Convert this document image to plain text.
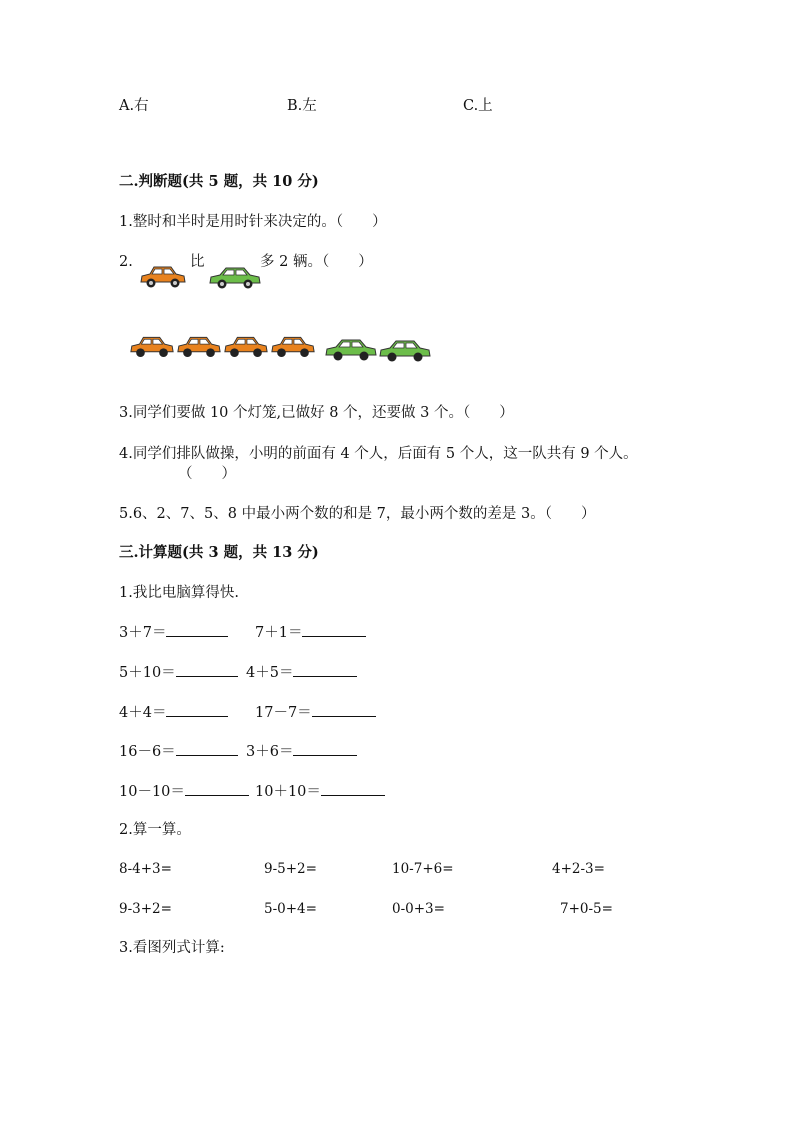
A.右	B.左	C.上
二.判断题(共 5 题，共 10 分)
1.整时和半时是用时针来决定的。（　　）
2.	比	多 2 辆。（　　）
3.同学们要做 10 个灯笼,已做好 8 个，还要做 3 个。（　　）
4.同学们排队做操，小明的前面有 4 个人，后面有 5 个人，这一队共有 9 个人。
（　　）
5.6、2、7、5、8 中最小两个数的和是 7，最小两个数的差是 3。（　　）
三.计算题(共 3 题，共 13 分)
1.我比电脑算得快.
3＋7＝	7＋1＝
5＋10＝	4＋5＝
4＋4＝	17－7＝
16－6＝	3＋6＝
10－10＝	10＋10＝
2.算一算。
8-4+3=	9-5+2=	10-7+6=	4+2-3=
9-3+2=	5-0+4=	0-0+3=	7+0-5=
3.看图列式计算:
